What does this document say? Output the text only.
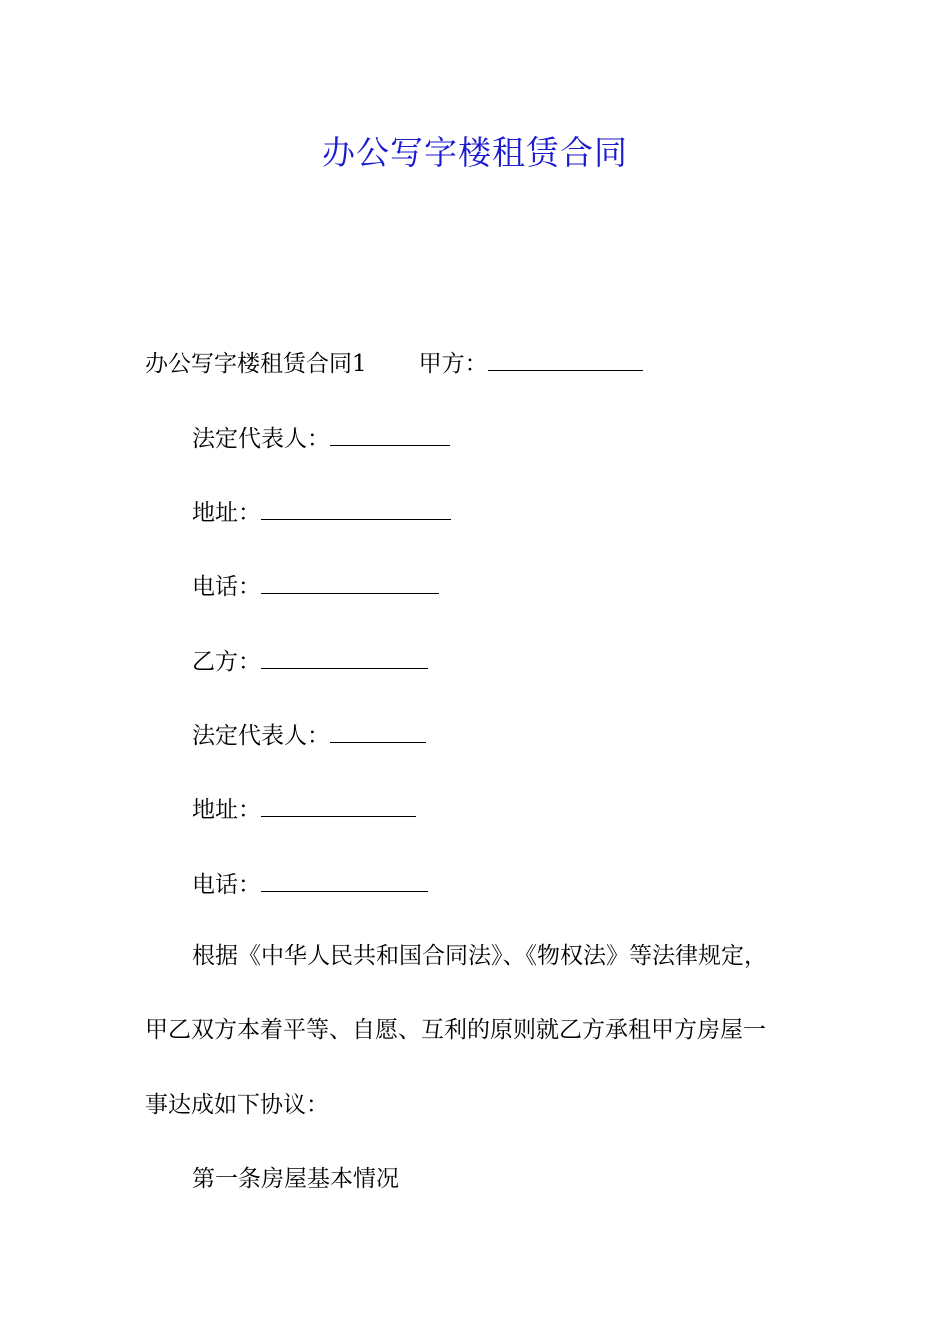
办公写字楼租赁合同
办公写字楼租赁合同1 甲方：
法定代表人：
地址：
电话：
乙方：
法定代表人：
地址：
电话：
根据《中华人民共和国合同法》、《物权法》等法律规定，
甲乙双方本着平等、自愿、互利的原则就乙方承租甲方房屋一
事达成如下协议：
第一条房屋基本情况
